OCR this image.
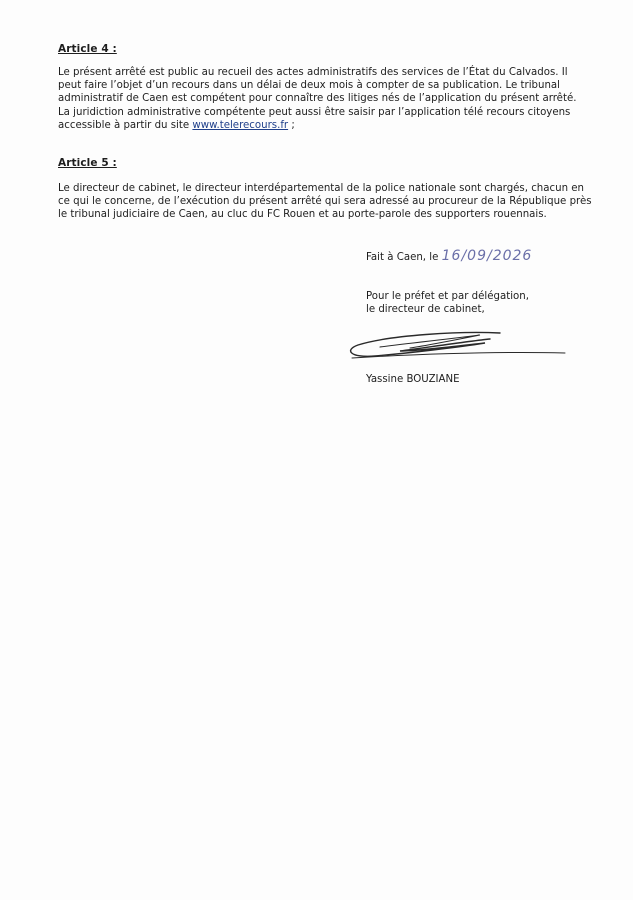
Article 4 :

Le présent arrêté est public au recueil des actes administratifs des services de l’État du Calvados. Il
peut faire l’objet d’un recours dans un délai de deux mois à compter de sa publication. Le tribunal
administratif de Caen est compétent pour connaître des litiges nés de l’application du présent arrêté.
La juridiction administrative compétente peut aussi être saisir par l’application télé recours citoyens
accessible à partir du site www.telerecours.fr ;

Article 5 :

Le directeur de cabinet, le directeur interdépartemental de la police nationale sont chargés, chacun en
ce qui le concerne, de l’exécution du présent arrêté qui sera adressé au procureur de la République près
le tribunal judiciaire de Caen, au cluc du FC Rouen et au porte-parole des supporters rouennais.

Fait à Caen, le 16/09/2026
Pour le préfet et par délégation,
le directeur de cabinet,
Yassine BOUZIANE
